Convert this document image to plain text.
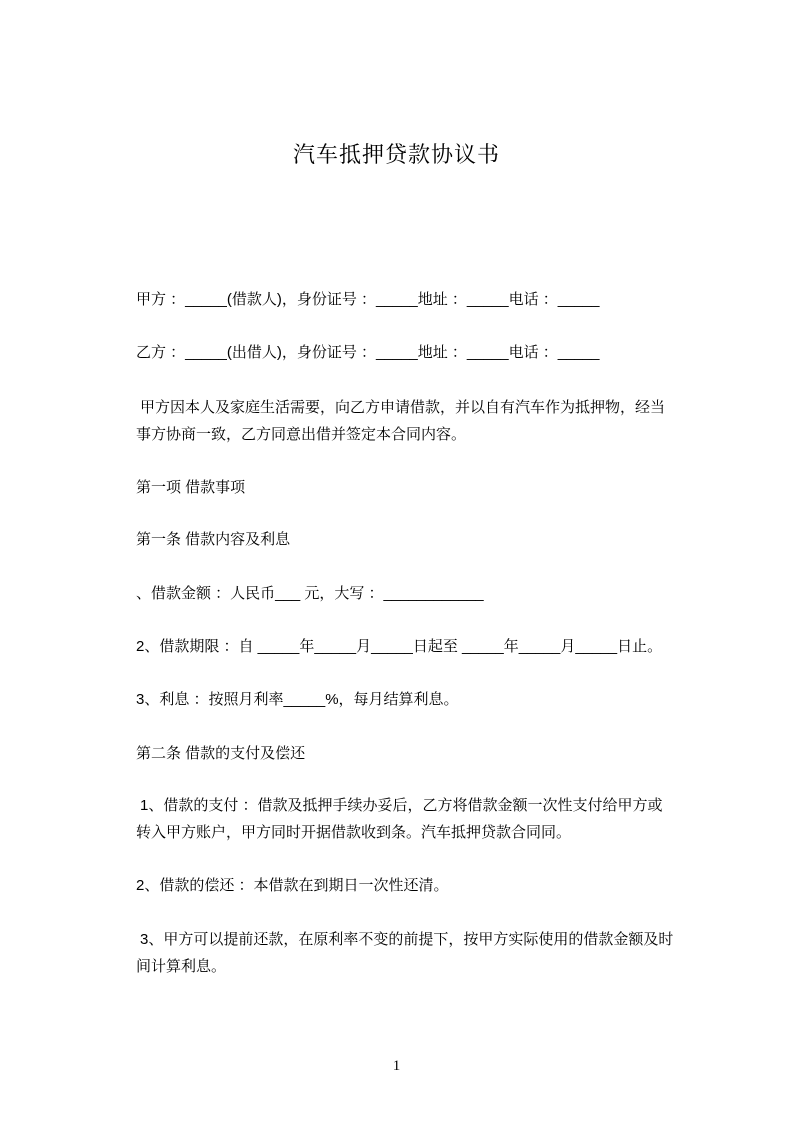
汽车抵押贷款协议书
甲方 ：_____(借款人)，身份证号 ：_____地址 ：_____电话 ：_____
乙方 ：_____(出借人)，身份证号 ：_____地址 ：_____电话 ：_____
甲方因本人及家庭生活需要，向乙方申请借款，并以自有汽车作为抵押物，经当
事方协商一致，乙方同意出借并签定本合同内容。
第一项 借款事项
第一条 借款内容及利息
、借款金额 ：人民币___ 元，大写 ：____________
2、借款期限 ：自 _____年_____月_____日起至 _____年_____月_____日止。
3、利息 ：按照月利率_____%，每月结算利息。
第二条 借款的支付及偿还
1、借款的支付 ：借款及抵押手续办妥后，乙方将借款金额一次性支付给甲方或
转入甲方账户，甲方同时开据借款收到条。汽车抵押贷款合同同。
2、借款的偿还 ：本借款在到期日一次性还清。
3、甲方可以提前还款，在原利率不变的前提下，按甲方实际使用的借款金额及时
间计算利息。
1
